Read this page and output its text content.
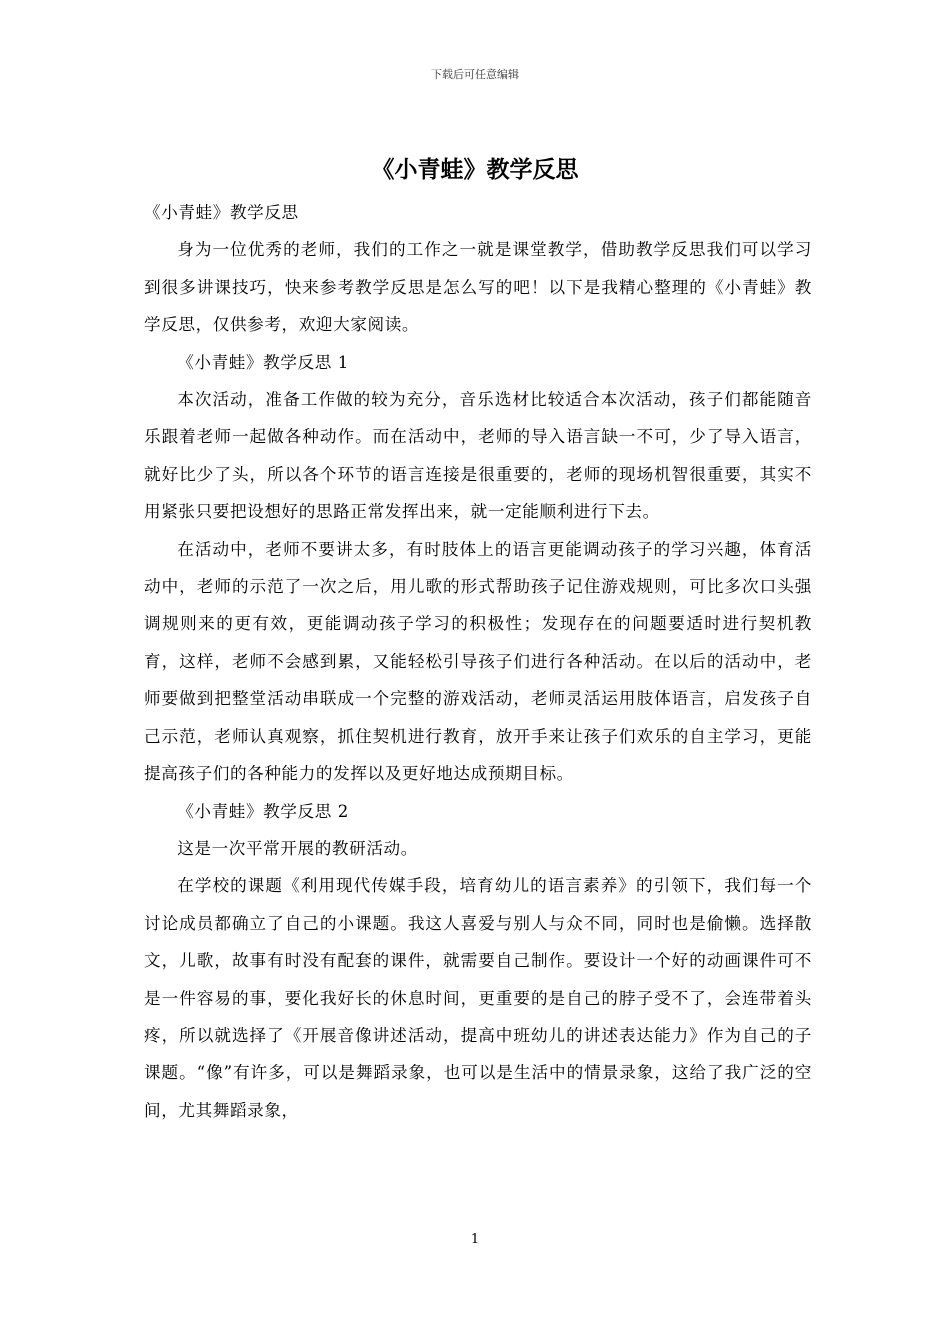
下载后可任意编辑
《小青蛙》教学反思

《小青蛙》教学反思

身为一位优秀的老师，我们的工作之一就是课堂教学，借助教学反思我们可以学习到很多讲课技巧，快来参考教学反思是怎么写的吧！以下是我精心整理的《小青蛙》教学反思，仅供参考，欢迎大家阅读。

《小青蛙》教学反思 1

本次活动，准备工作做的较为充分，音乐选材比较适合本次活动，孩子们都能随音乐跟着老师一起做各种动作。而在活动中，老师的导入语言缺一不可，少了导入语言，就好比少了头，所以各个环节的语言连接是很重要的，老师的现场机智很重要，其实不用紧张只要把设想好的思路正常发挥出来，就一定能顺利进行下去。

在活动中，老师不要讲太多，有时肢体上的语言更能调动孩子的学习兴趣，体育活动中，老师的示范了一次之后，用儿歌的形式帮助孩子记住游戏规则，可比多次口头强调规则来的更有效，更能调动孩子学习的积极性；发现存在的问题要适时进行契机教育，这样，老师不会感到累，又能轻松引导孩子们进行各种活动。在以后的活动中，老师要做到把整堂活动串联成一个完整的游戏活动，老师灵活运用肢体语言，启发孩子自己示范，老师认真观察，抓住契机进行教育，放开手来让孩子们欢乐的自主学习，更能提高孩子们的各种能力的发挥以及更好地达成预期目标。

《小青蛙》教学反思 2

这是一次平常开展的教研活动。

在学校的课题《利用现代传媒手段，培育幼儿的语言素养》的引领下，我们每一个讨论成员都确立了自己的小课题。我这人喜爱与别人与众不同，同时也是偷懒。选择散文，儿歌，故事有时没有配套的课件，就需要自己制作。要设计一个好的动画课件可不是一件容易的事，要化我好长的休息时间，更重要的是自己的脖子受不了，会连带着头疼，所以就选择了《开展音像讲述活动，提高中班幼儿的讲述表达能力》作为自己的子课题。“像”有许多，可以是舞蹈录象，也可以是生活中的情景录象，这给了我广泛的空间，尤其舞蹈录象，

1
